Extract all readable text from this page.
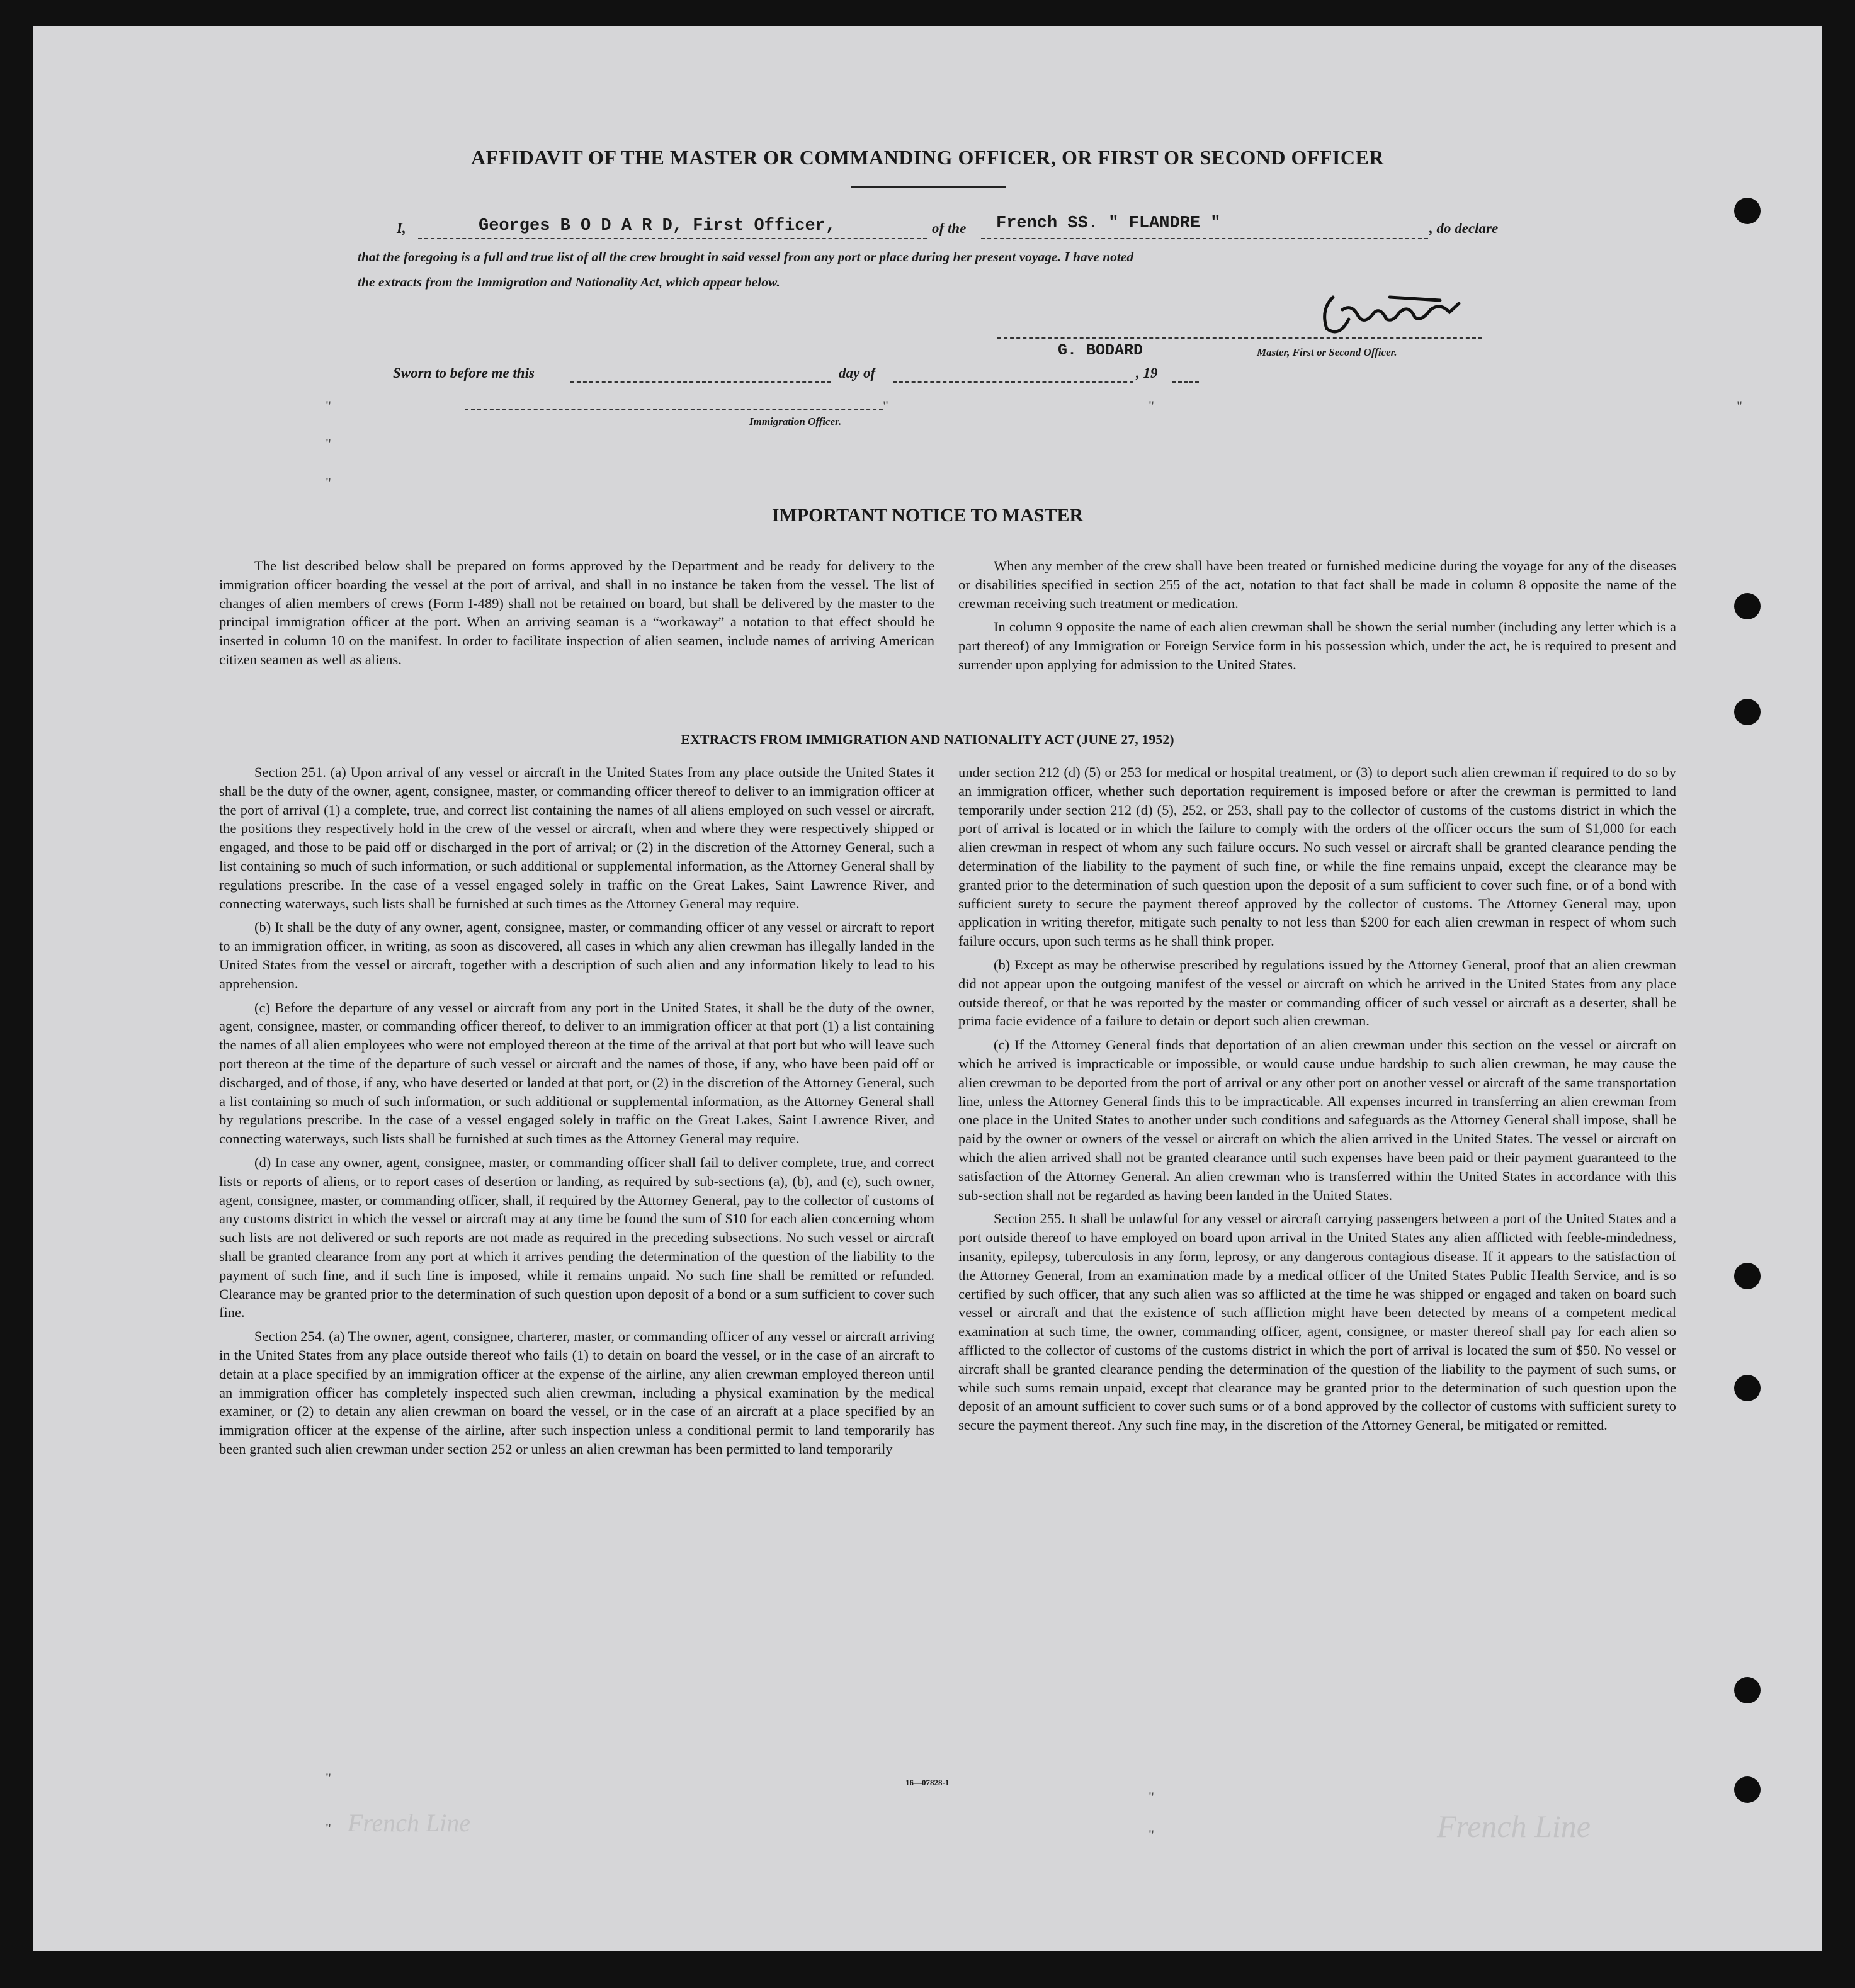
French Line
French Line
AFFIDAVIT OF THE MASTER OR COMMANDING OFFICER, OR FIRST OR SECOND OFFICER
I,	Georges B O D A R D, First Officer,	of the French SS. " FLANDRE "	, do declare
that the foregoing is a full and true list of all the crew brought in said vessel from any port or place during her present voyage. I have noted
the extracts from the Immigration and Nationality Act, which appear below.
G. BODARD	Master, First or Second Officer.
Sworn to before me this	day of	, 19
Immigration Officer.
"
"
"
"	"	"
"
"
"
"
IMPORTANT NOTICE TO MASTER

The list described below shall be prepared on forms approved by the Department and be ready for delivery to the immigration officer boarding the vessel at the port of arrival, and shall in no instance be taken from the vessel. The list of changes of alien members of crews (Form I-489) shall not be retained on board, but shall be delivered by the master to the principal immigration officer at the port. When an arriving seaman is a “workaway” a notation to that effect should be inserted in column 10 on the manifest. In order to facilitate inspection of alien seamen, include names of arriving American citizen seamen as well as aliens.

When any member of the crew shall have been treated or furnished medicine during the voyage for any of the diseases or disabilities specified in section 255 of the act, notation to that fact shall be made in column 8 opposite the name of the crewman receiving such treatment or medication.

In column 9 opposite the name of each alien crewman shall be shown the serial number (including any letter which is a part thereof) of any Immigration or Foreign Service form in his possession which, under the act, he is required to present and surrender upon applying for admission to the United States.

EXTRACTS FROM IMMIGRATION AND NATIONALITY ACT (JUNE 27, 1952)

Section 251. (a) Upon arrival of any vessel or aircraft in the United States from any place outside the United States it shall be the duty of the owner, agent, consignee, master, or commanding officer thereof to deliver to an immigration officer at the port of arrival (1) a complete, true, and correct list containing the names of all aliens employed on such vessel or aircraft, the positions they respectively hold in the crew of the vessel or aircraft, when and where they were respectively shipped or engaged, and those to be paid off or discharged in the port of arrival; or (2) in the discretion of the Attorney General, such a list containing so much of such information, or such additional or supplemental information, as the Attorney General shall by regulations prescribe. In the case of a vessel engaged solely in traffic on the Great Lakes, Saint Lawrence River, and connecting waterways, such lists shall be furnished at such times as the Attorney General may require.

(b) It shall be the duty of any owner, agent, consignee, master, or commanding officer of any vessel or aircraft to report to an immigration officer, in writing, as soon as discovered, all cases in which any alien crewman has illegally landed in the United States from the vessel or aircraft, together with a description of such alien and any information likely to lead to his apprehension.

(c) Before the departure of any vessel or aircraft from any port in the United States, it shall be the duty of the owner, agent, consignee, master, or commanding officer thereof, to deliver to an immigration officer at that port (1) a list containing the names of all alien employees who were not employed thereon at the time of the arrival at that port but who will leave such port thereon at the time of the departure of such vessel or aircraft and the names of those, if any, who have been paid off or discharged, and of those, if any, who have deserted or landed at that port, or (2) in the discretion of the Attorney General, such a list containing so much of such information, or such additional or supplemental information, as the Attorney General shall by regulations prescribe. In the case of a vessel engaged solely in traffic on the Great Lakes, Saint Lawrence River, and connecting waterways, such lists shall be furnished at such times as the Attorney General may require.

(d) In case any owner, agent, consignee, master, or commanding officer shall fail to deliver complete, true, and correct lists or reports of aliens, or to report cases of desertion or landing, as required by sub-sections (a), (b), and (c), such owner, agent, consignee, master, or commanding officer, shall, if required by the Attorney General, pay to the collector of customs of any customs district in which the vessel or aircraft may at any time be found the sum of $10 for each alien concerning whom such lists are not delivered or such reports are not made as required in the preceding subsections. No such vessel or aircraft shall be granted clearance from any port at which it arrives pending the determination of the question of the liability to the payment of such fine, and if such fine is imposed, while it remains unpaid. No such fine shall be remitted or refunded. Clearance may be granted prior to the determination of such question upon deposit of a bond or a sum sufficient to cover such fine.

Section 254. (a) The owner, agent, consignee, charterer, master, or commanding officer of any vessel or aircraft arriving in the United States from any place outside thereof who fails (1) to detain on board the vessel, or in the case of an aircraft to detain at a place specified by an immigration officer at the expense of the airline, any alien crewman employed thereon until an immigration officer has completely inspected such alien crewman, including a physical examination by the medical examiner, or (2) to detain any alien crewman on board the vessel, or in the case of an aircraft at a place specified by an immigration officer at the expense of the airline, after such inspection unless a conditional permit to land temporarily has been granted such alien crewman under section 252 or unless an alien crewman has been permitted to land temporarily

under section 212 (d) (5) or 253 for medical or hospital treatment, or (3) to deport such alien crewman if required to do so by an immigration officer, whether such deportation requirement is imposed before or after the crewman is permitted to land temporarily under section 212 (d) (5), 252, or 253, shall pay to the collector of customs of the customs district in which the port of arrival is located or in which the failure to comply with the orders of the officer occurs the sum of $1,000 for each alien crewman in respect of whom any such failure occurs. No such vessel or aircraft shall be granted clearance pending the determination of the liability to the payment of such fine, or while the fine remains unpaid, except the clearance may be granted prior to the determination of such question upon the deposit of a sum sufficient to cover such fine, or of a bond with sufficient surety to secure the payment thereof approved by the collector of customs. The Attorney General may, upon application in writing therefor, mitigate such penalty to not less than $200 for each alien crewman in respect of whom such failure occurs, upon such terms as he shall think proper.

(b) Except as may be otherwise prescribed by regulations issued by the Attorney General, proof that an alien crewman did not appear upon the outgoing manifest of the vessel or aircraft on which he arrived in the United States from any place outside thereof, or that he was reported by the master or commanding officer of such vessel or aircraft as a deserter, shall be prima facie evidence of a failure to detain or deport such alien crewman.

(c) If the Attorney General finds that deportation of an alien crewman under this section on the vessel or aircraft on which he arrived is impracticable or impossible, or would cause undue hardship to such alien crewman, he may cause the alien crewman to be deported from the port of arrival or any other port on another vessel or aircraft of the same transportation line, unless the Attorney General finds this to be impracticable. All expenses incurred in transferring an alien crewman from one place in the United States to another under such conditions and safeguards as the Attorney General shall impose, shall be paid by the owner or owners of the vessel or aircraft on which the alien arrived in the United States. The vessel or aircraft on which the alien arrived shall not be granted clearance until such expenses have been paid or their payment guaranteed to the satisfaction of the Attorney General. An alien crewman who is transferred within the United States in accordance with this sub-section shall not be regarded as having been landed in the United States.

Section 255. It shall be unlawful for any vessel or aircraft carrying passengers between a port of the United States and a port outside thereof to have employed on board upon arrival in the United States any alien afflicted with feeble-mindedness, insanity, epilepsy, tuberculosis in any form, leprosy, or any dangerous contagious disease. If it appears to the satisfaction of the Attorney General, from an examination made by a medical officer of the United States Public Health Service, and is so certified by such officer, that any such alien was so afflicted at the time he was shipped or engaged and taken on board such vessel or aircraft and that the existence of such affliction might have been detected by means of a competent medical examination at such time, the owner, commanding officer, agent, consignee, or master thereof shall pay for each alien so afflicted to the collector of customs of the customs district in which the port of arrival is located the sum of $50. No vessel or aircraft shall be granted clearance pending the determination of the question of the liability to the payment of such sums, or while such sums remain unpaid, except that clearance may be granted prior to the determination of such question upon the deposit of an amount sufficient to cover such sums or of a bond approved by the collector of customs with sufficient surety to secure the payment thereof. Any such fine may, in the discretion of the Attorney General, be mitigated or remitted.

16—07828-1
